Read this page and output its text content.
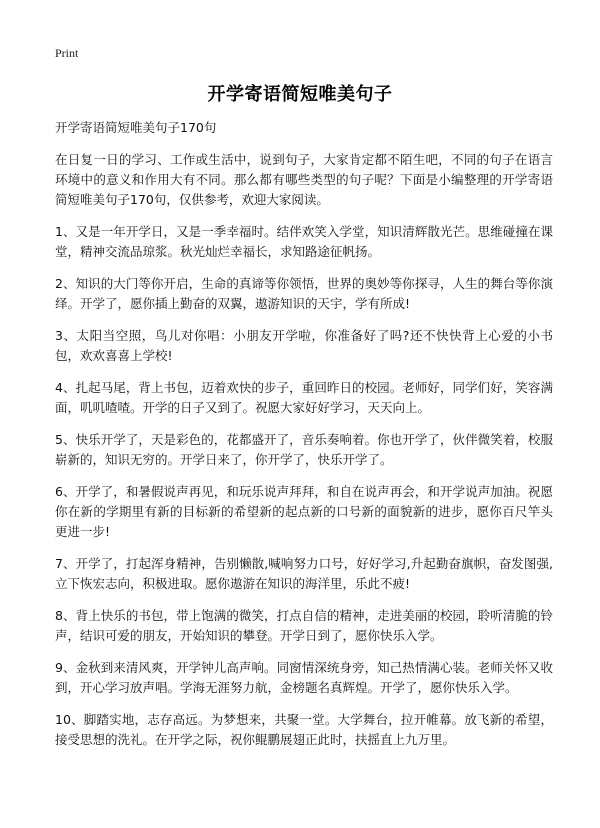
Print
开学寄语简短唯美句子

开学寄语简短唯美句子170句

在日复一日的学习、工作或生活中，说到句子，大家肯定都不陌生吧，不同的句子在语言环境中的意义和作用大有不同。那么都有哪些类型的句子呢？下面是小编整理的开学寄语简短唯美句子170句，仅供参考，欢迎大家阅读。

1、又是一年开学日，又是一季幸福时。结伴欢笑入学堂，知识清辉散光芒。思维碰撞在课堂，精神交流品琼浆。秋光灿烂幸福长，求知路途征帆扬。

2、知识的大门等你开启，生命的真谛等你领悟，世界的奥妙等你探寻，人生的舞台等你演绎。开学了，愿你插上勤奋的双翼，遨游知识的天宇，学有所成!

3、太阳当空照，鸟儿对你唱：小朋友开学啦，你准备好了吗?还不快快背上心爱的小书包，欢欢喜喜上学校!

4、扎起马尾，背上书包，迈着欢快的步子，重回昨日的校园。老师好，同学们好，笑容满面，叽叽喳喳。开学的日子又到了。祝愿大家好好学习，天天向上。

5、快乐开学了，天是彩色的，花都盛开了，音乐奏响着。你也开学了，伙伴微笑着，校服崭新的，知识无穷的。开学日来了，你开学了，快乐开学了。

6、开学了，和暑假说声再见，和玩乐说声拜拜，和自在说声再会，和开学说声加油。祝愿你在新的学期里有新的目标新的希望新的起点新的口号新的面貌新的进步，愿你百尺竿头更进一步!

7、开学了，打起浑身精神，告别懒散,喊响努力口号，好好学习,升起勤奋旗帜，奋发图强,立下恢宏志向，积极进取。愿你遨游在知识的海洋里，乐此不疲!

8、背上快乐的书包，带上饱满的微笑，打点自信的精神，走进美丽的校园，聆听清脆的铃声，结识可爱的朋友，开始知识的攀登。开学日到了，愿你快乐入学。

9、金秋到来清风爽，开学钟儿高声响。同窗情深统身旁，知己热情满心装。老师关怀又收到，开心学习放声唱。学海无涯努力航，金榜题名真辉煌。开学了，愿你快乐入学。

10、脚踏实地，志存高远。为梦想来，共聚一堂。大学舞台，拉开帷幕。放飞新的希望，接受思想的洗礼。在开学之际，祝你鲲鹏展翅正此时，扶摇直上九万里。
